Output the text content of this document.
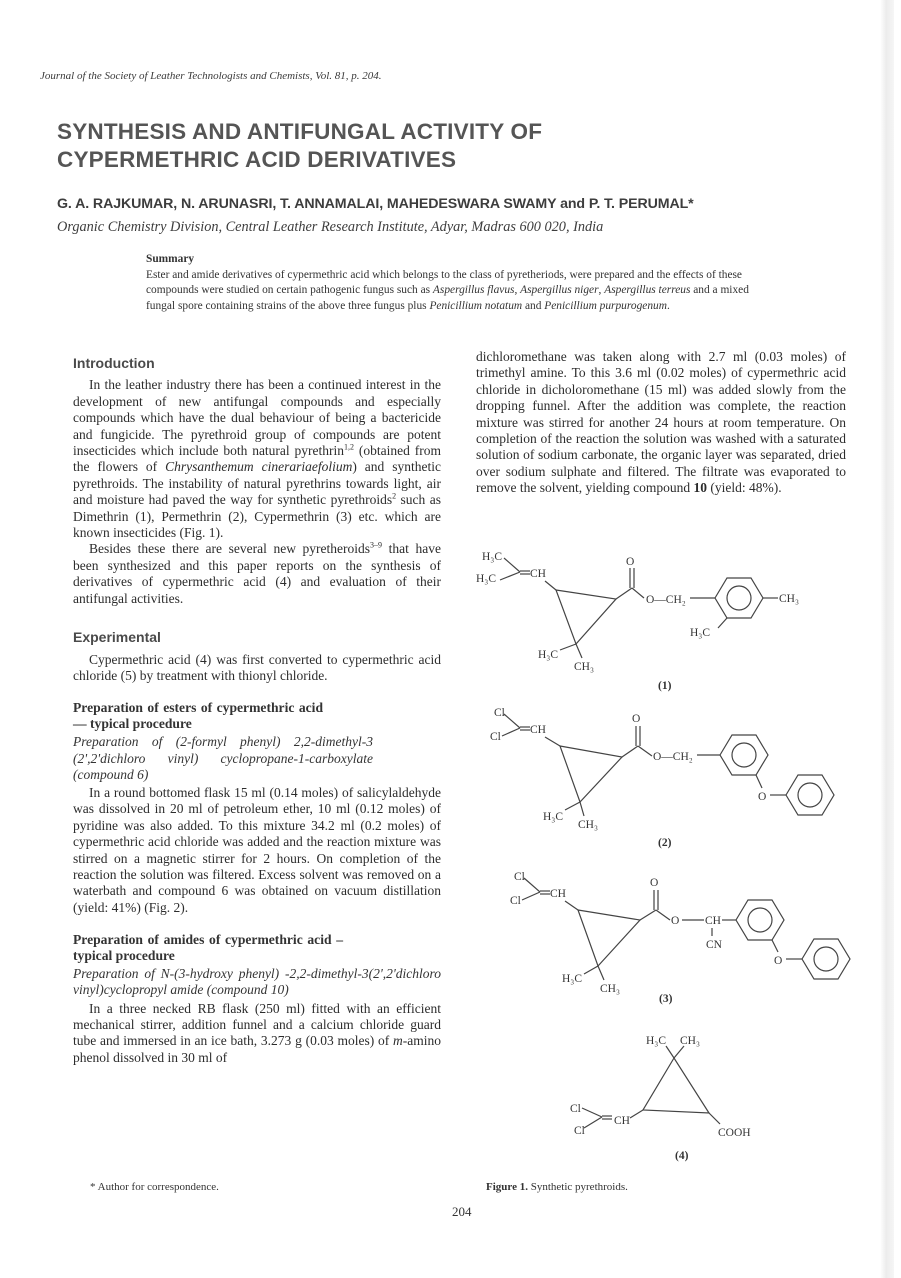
Journal of the Society of Leather Technologists and Chemists, Vol. 81, p. 204.
SYNTHESIS AND ANTIFUNGAL ACTIVITY OF
CYPERMETHRIC ACID DERIVATIVES
G. A. RAJKUMAR, N. ARUNASRI, T. ANNAMALAI, MAHEDESWARA SWAMY and P. T. PERUMAL*
Organic Chemistry Division, Central Leather Research Institute, Adyar, Madras 600 020, India
Summary
Ester and amide derivatives of cypermethric acid which belongs to the class of pyretheriods, were prepared and the effects of these compounds were studied on certain pathogenic fungus such as Aspergillus flavus, Aspergillus niger, Aspergillus terreus and a mixed fungal spore containing strains of the above three fungus plus Penicillium notatum and Penicillium purpurogenum.
Introduction

In the leather industry there has been a continued interest in the development of new antifungal compounds and especially compounds which have the dual behaviour of being a bactericide and fungicide. The pyrethroid group of compounds are potent insecticides which include both natural pyrethrin$^{1,2}$ (obtained from the flowers of Chrysanthemum cinerariaefolium) and synthetic pyrethroids. The instability of natural pyrethrins towards light, air and moisture had paved the way for synthetic pyrethroids$^2$ such as Dimethrin (1), Permethrin (2), Cypermethrin (3) etc. which are known insecticides (Fig. 1).

Besides these there are several new pyretheroids$^{3-9}$ that have been synthesized and this paper reports on the synthesis of derivatives of cypermethric acid (4) and evaluation of their antifungal activities.

Experimental

Cypermethric acid (4) was first converted to cypermethric acid chloride (5) by treatment with thionyl chloride.

Preparation of esters of cypermethric acid— typical procedure
Preparation of (2-formyl phenyl) 2,2-dimethyl-3 (2',2'dichloro vinyl) cyclopropane-1-carboxylate (compound 6)

In a round bottomed flask 15 ml (0.14 moles) of salicylaldehyde was dissolved in 20 ml of petroleum ether, 10 ml (0.12 moles) of pyridine was also added. To this mixture 34.2 ml (0.2 moles) of cypermethric acid chloride was added and the reaction mixture was stirred on a magnetic stirrer for 2 hours. On completion of the reaction the solution was filtered. Excess solvent was removed on a waterbath and compound 6 was obtained on vacuum distillation (yield: 41%) (Fig. 2).

Preparation of amides of cypermethric acid – typical procedure
Preparation of N-(3-hydroxy phenyl) -2,2-dimethyl-3(2',2'dichloro vinyl)cyclopropyl amide (compound 10)

In a three necked RB flask (250 ml) fitted with an efficient mechanical stirrer, addition funnel and a calcium chloride guard tube and immersed in an ice bath, 3.273 g (0.03 moles) of m-amino phenol dissolved in 30 ml of

dichloromethane was taken along with 2.7 ml (0.03 moles) of trimethyl amine. To this 3.6 ml (0.02 moles) of cypermethric acid chloride in dicholoromethane (15 ml) was added slowly from the dropping funnel. After the addition was complete, the reaction mixture was stirred for another 24 hours at room temperature. On completion of the reaction the solution was washed with a saturated solution of sodium carbonate, the organic layer was separated, dried over sodium sulphate and filtered. The filtrate was evaporated to remove the solvent, yielding compound 10 (yield: 48%).

H₃C
H₃C	CH
O
O—CH₂	CH₃
H₃C
H₃C
CH₃
(1)
Cl
Cl
CH
O
O—CH₂
O
H₃C
CH₃
(2)
Cl
Cl
CH
O
O CH
CN
O
H₃C
CH₃
(3)
H₃C CH₃
CH
Cl
Cl	COOH
(4)
* Author for correspondence.	Figure 1. Synthetic pyrethroids.
204
